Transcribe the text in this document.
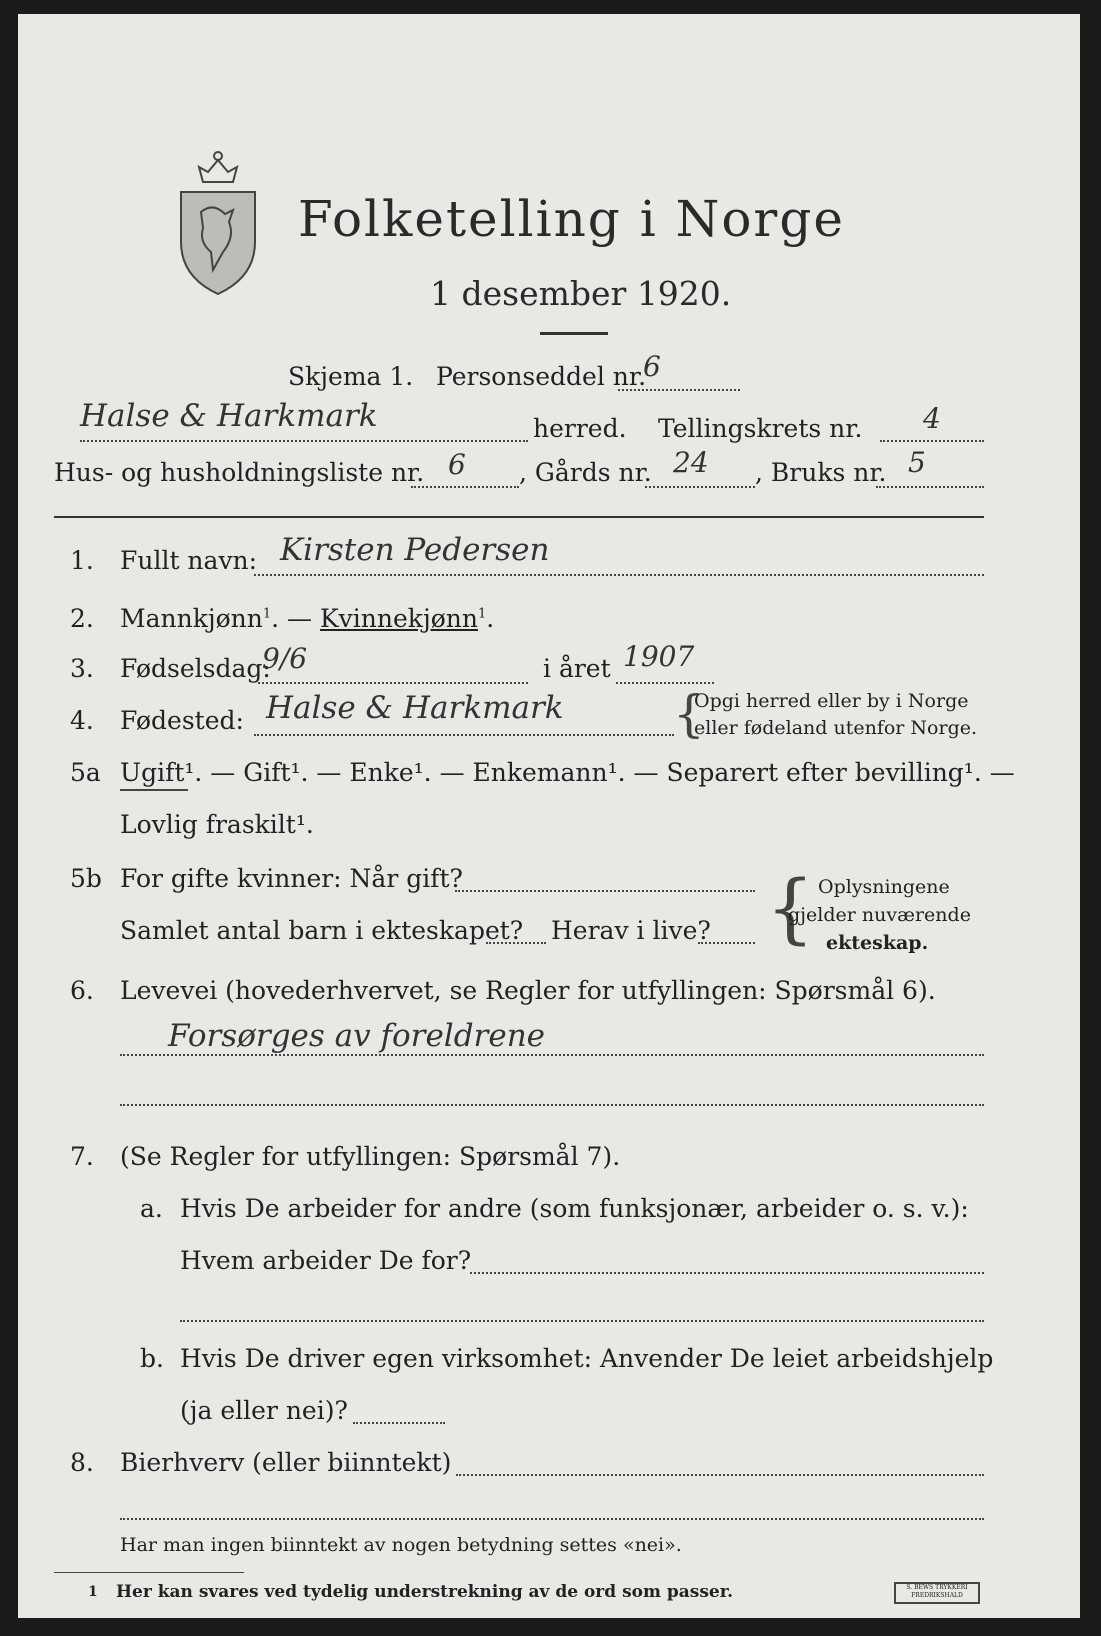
Folketelling i Norge
1 desember 1920.
Skjema 1. Personseddel nr.
6
Halse & Harkmark	herred. Tellingskrets nr. 4
Hus- og husholdningsliste nr. 6 , Gårds nr. 24 , Bruks nr. 5
1. Fullt navn: Kirsten Pedersen
2. Mannkjønn$^1$. — Kvinnekjønn$^1$.
3. Fødselsdag:
9/6	i året 1907
4. Fødested: Halse & Harkmark {
Opgi herred eller by i Norge
eller fødeland utenfor Norge.
5a Ugift¹. — Gift¹. — Enke¹. — Enkemann¹. — Separert efter bevilling¹. —
Lovlig fraskilt¹.
5b For gifte kvinner: Når gift?
Samlet antal barn i ekteskapet? Herav i live? { Oplysningene
gjelder nuværende
ekteskap.
6. Levevei (hovederhvervet, se Regler for utfyllingen: Spørsmål 6).
Forsørges av foreldrene
7. (Se Regler for utfyllingen: Spørsmål 7).
a. Hvis De arbeider for andre (som funksjonær, arbeider o. s. v.):
Hvem arbeider De for?
b. Hvis De driver egen virksomhet: Anvender De leiet arbeidshjelp
(ja eller nei)?
8. Bierhverv (eller biinntekt)
Har man ingen biinntekt av nogen betydning settes «nei».
1 Her kan svares ved tydelig understrekning av de ord som passer.	S. BEWS TRYKKERI FREDRIKSHALD
